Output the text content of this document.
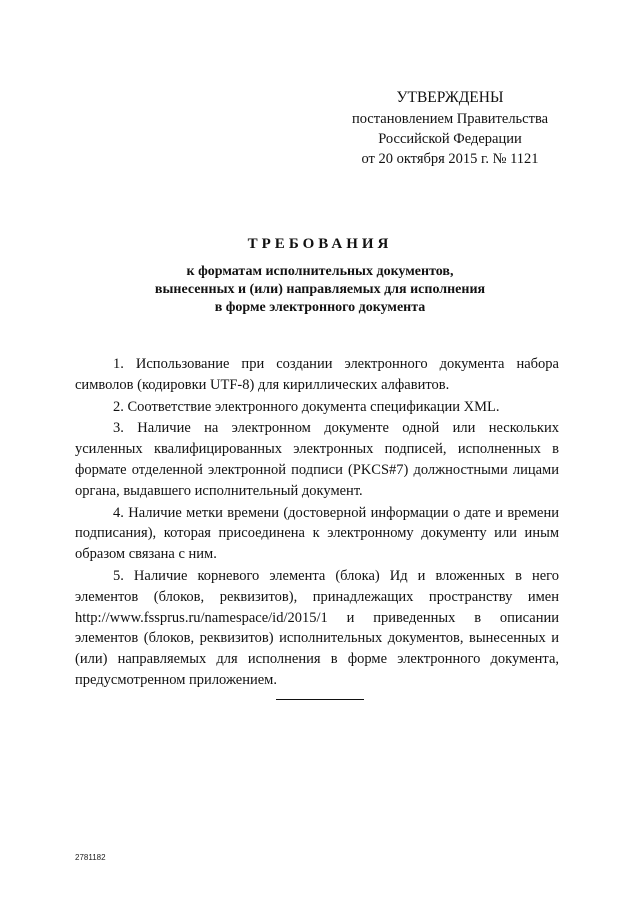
УТВЕРЖДЕНЫ
постановлением Правительства
Российской Федерации
от 20 октября 2015 г. № 1121
ТРЕБОВАНИЯ
к форматам исполнительных документов,
вынесенных и (или) направляемых для исполнения
в форме электронного документа

1. Использование при создании электронного документа набора символов (кодировки UTF-8) для кириллических алфавитов.

2. Соответствие электронного документа спецификации XML.

3. Наличие на электронном документе одной или нескольких усиленных квалифицированных электронных подписей, исполненных в формате отделенной электронной подписи (PKCS#7) должностными лицами органа, выдавшего исполнительный документ.

4. Наличие метки времени (достоверной информации о дате и времени подписания), которая присоединена к электронному документу или иным образом связана с ним.

5. Наличие корневого элемента (блока) Ид и вложенных в него элементов (блоков, реквизитов), принадлежащих пространству имен http://www.fssprus.ru/namespace/id/2015/1 и приведенных в описании элементов (блоков, реквизитов) исполнительных документов, вынесенных и (или) направляемых для исполнения в форме электронного документа, предусмотренном приложением.

2781182
